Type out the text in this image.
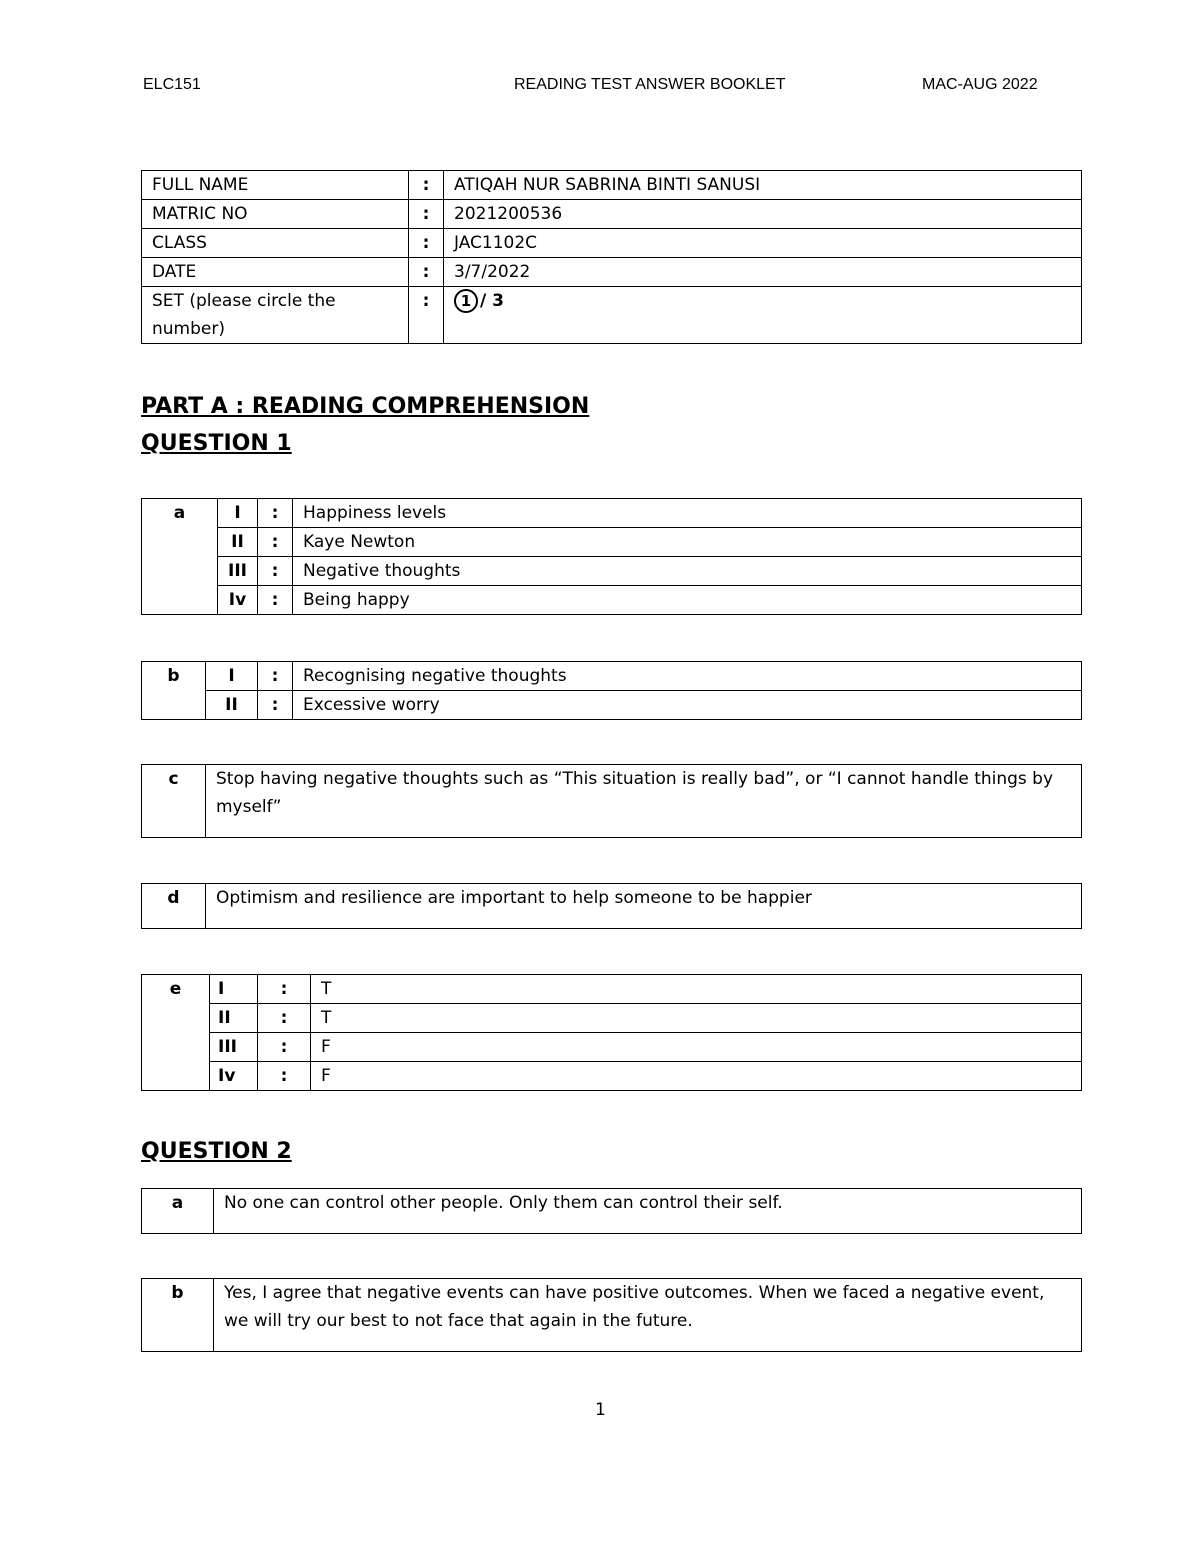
ELC151	READING TEST ANSWER BOOKLET	MAC-AUG 2022
FULL NAME	:	ATIQAH NUR SABRINA BINTI SANUSI
MATRIC NO	:	2021200536
CLASS	:	JAC1102C
DATE	:	3/7/2022
SET (please circle the number)	:	1 / 3
PART A : READING COMPREHENSION
QUESTION 1
a	I	:	Happiness levels
	II	:	Kaye Newton
	III	:	Negative thoughts
	Iv	:	Being happy
b	I	:	Recognising negative thoughts
	II	:	Excessive worry
c	Stop having negative thoughts such as “This situation is really bad”, or “I cannot handle things by myself”
d	Optimism and resilience are important to help someone to be happier
e	I	:	T
	II	:	T
	III	:	F
	Iv	:	F
QUESTION 2
a	No one can control other people. Only them can control their self.
b	Yes, I agree that negative events can have positive outcomes. When we faced a negative event, we will try our best to not face that again in the future.
1
